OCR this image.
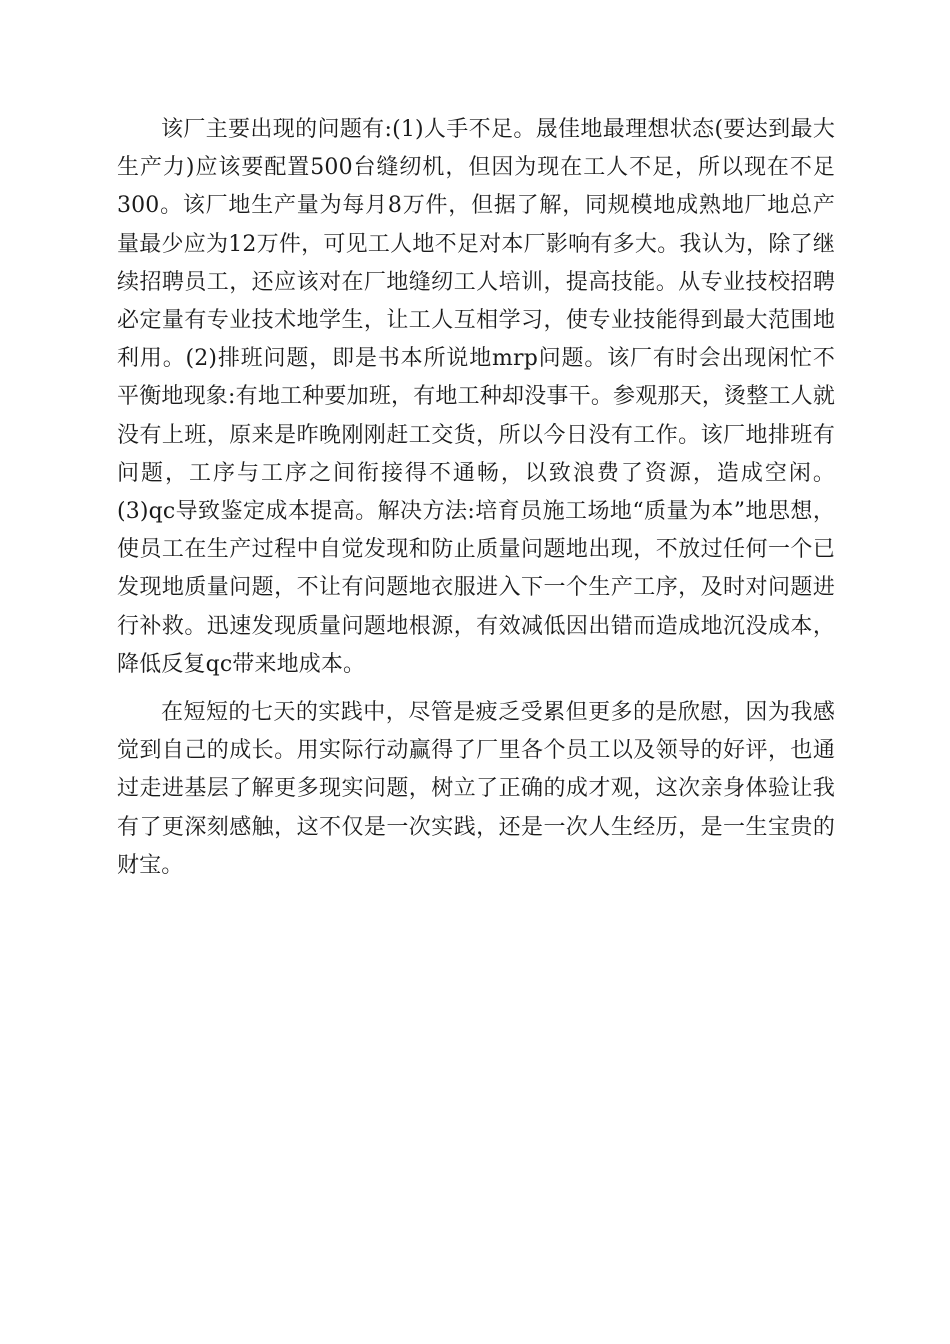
该厂主要出现的问题有:(1)人手不足。晟佳地最理想状态(要达到最大生产力)应该要配置500台缝纫机，但因为现在工人不足，所以现在不足300。该厂地生产量为每月8万件，但据了解，同规模地成熟地厂地总产量最少应为12万件，可见工人地不足对本厂影响有多大。我认为，除了继续招聘员工，还应该对在厂地缝纫工人培训，提高技能。从专业技校招聘必定量有专业技术地学生，让工人互相学习，使专业技能得到最大范围地利用。(2)排班问题，即是书本所说地mrp问题。该厂有时会出现闲忙不平衡地现象:有地工种要加班，有地工种却没事干。参观那天，烫整工人就没有上班，原来是昨晚刚刚赶工交货，所以今日没有工作。该厂地排班有问题，工序与工序之间衔接得不通畅，以致浪费了资源，造成空闲。(3)qc导致鉴定成本提高。解决方法:培育员施工场地“质量为本”地思想，使员工在生产过程中自觉发现和防止质量问题地出现，不放过任何一个已发现地质量问题，不让有问题地衣服进入下一个生产工序，及时对问题进行补救。迅速发现质量问题地根源，有效减低因出错而造成地沉没成本，降低反复qc带来地成本。

在短短的七天的实践中，尽管是疲乏受累但更多的是欣慰，因为我感觉到自己的成长。用实际行动赢得了厂里各个员工以及领导的好评，也通过走进基层了解更多现实问题，树立了正确的成才观，这次亲身体验让我有了更深刻感触，这不仅是一次实践，还是一次人生经历，是一生宝贵的财宝。
